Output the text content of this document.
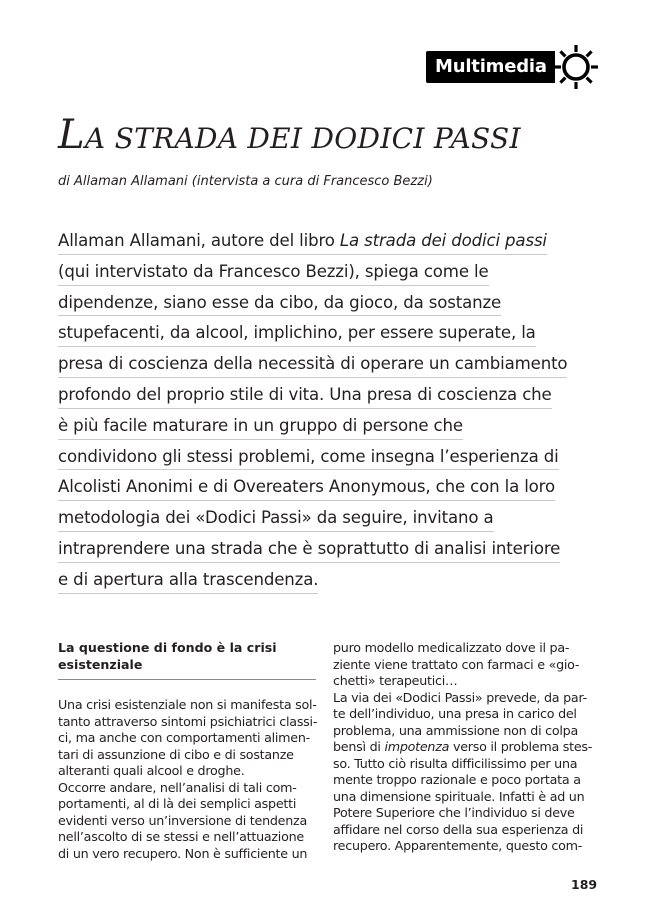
Multimedia
LA STRADA DEI DODICI PASSI

di Allaman Allamani (intervista a cura di Francesco Bezzi)

Allaman Allamani, autore del libro La strada dei dodici passi
(qui intervistato da Francesco Bezzi), spiega come le
dipendenze, siano esse da cibo, da gioco, da sostanze
stupefacenti, da alcool, implichino, per essere superate, la
presa di coscienza della necessità di operare un cambiamento
profondo del proprio stile di vita. Una presa di coscienza che
è più facile maturare in un gruppo di persone che
condividono gli stessi problemi, come insegna l’esperienza di
Alcolisti Anonimi e di Overeaters Anonymous, che con la loro
metodologia dei «Dodici Passi» da seguire, invitano a
intraprendere una strada che è soprattutto di analisi interiore
e di apertura alla trascendenza.
La questione di fondo è la crisi
esistenziale
Una crisi esistenziale non si manifesta sol-
tanto attraverso sintomi psichiatrici classi-
ci, ma anche con comportamenti alimen-
tari di assunzione di cibo e di sostanze
alteranti quali alcool e droghe.
Occorre andare, nell’analisi di tali com-
portamenti, al di là dei semplici aspetti
evidenti verso un’inversione di tendenza
nell’ascolto di se stessi e nell’attuazione
di un vero recupero. Non è sufficiente un
puro modello medicalizzato dove il pa-
ziente viene trattato con farmaci e «gio-
chetti» terapeutici…
La via dei «Dodici Passi» prevede, da par-
te dell’individuo, una presa in carico del
problema, una ammissione non di colpa
bensì di impotenza verso il problema stes-
so. Tutto ciò risulta difficilissimo per una
mente troppo razionale e poco portata a
una dimensione spirituale. Infatti è ad un
Potere Superiore che l’individuo si deve
affidare nel corso della sua esperienza di
recupero. Apparentemente, questo com-
189
